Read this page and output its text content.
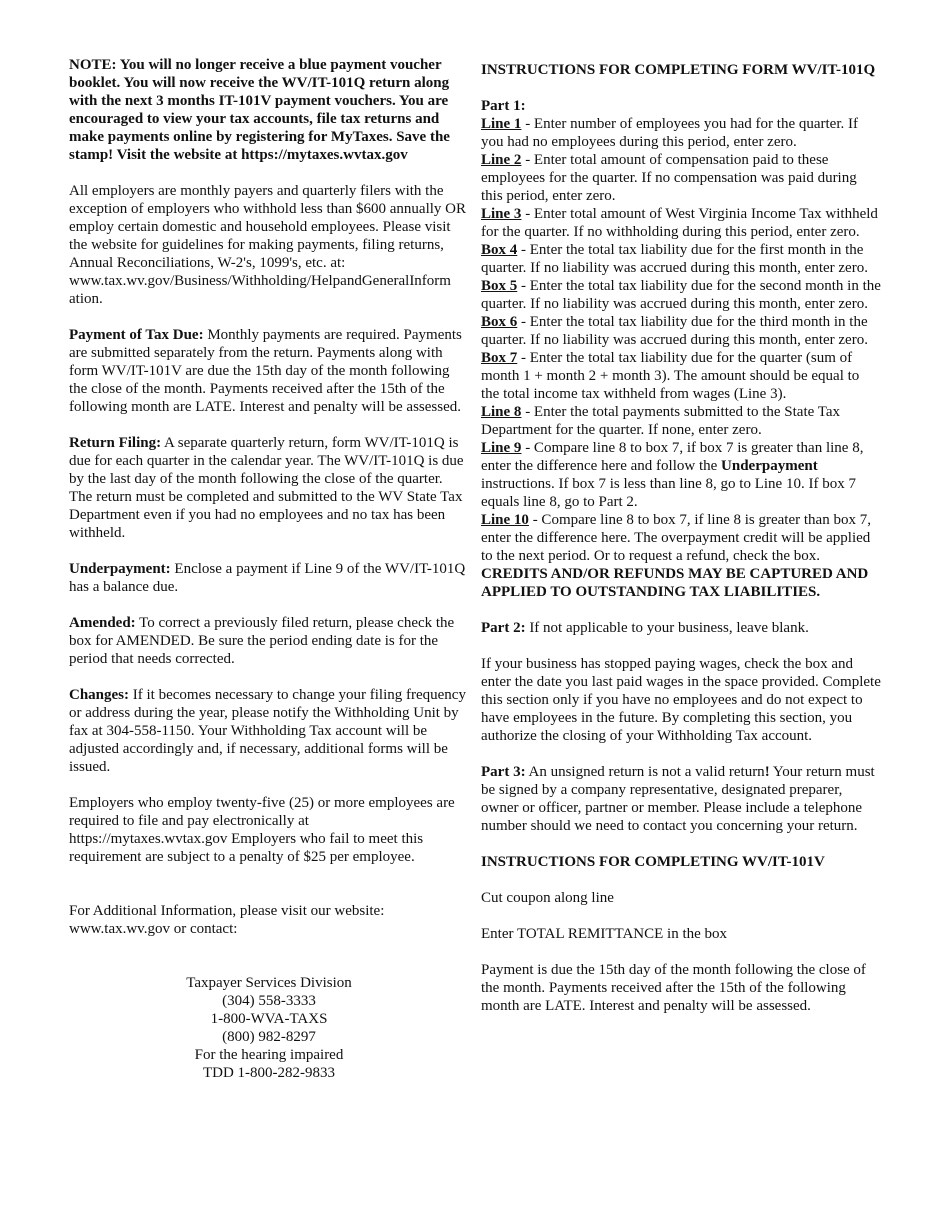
NOTE: You will no longer receive a blue payment voucher booklet. You will now receive the WV/IT-101Q return along with the next 3 months IT-101V payment vouchers. You are encouraged to view your tax accounts, file tax returns and make payments online by registering for MyTaxes. Save the stamp! Visit the website at https://mytaxes.wvtax.gov

All employers are monthly payers and quarterly filers with the exception of employers who withhold less than $600 annually OR employ certain domestic and household employees. Please visit the website for guidelines for making payments, filing returns, Annual Reconciliations, W-2's, 1099's, etc. at:

www.tax.wv.gov/Business/Withholding/HelpandGeneralInform

ation.

Payment of Tax Due: Monthly payments are required. Payments are submitted separately from the return. Payments along with form WV/IT-101V are due the 15th day of the month following the close of the month. Payments received after the 15th of the following month are LATE. Interest and penalty will be assessed.

Return Filing: A separate quarterly return, form WV/IT-101Q is due for each quarter in the calendar year. The WV/IT-101Q is due by the last day of the month following the close of the quarter. The return must be completed and submitted to the WV State Tax Department even if you had no employees and no tax has been withheld.

Underpayment: Enclose a payment if Line 9 of the WV/IT-101Q has a balance due.

Amended: To correct a previously filed return, please check the box for AMENDED. Be sure the period ending date is for the period that needs corrected.

Changes: If it becomes necessary to change your filing frequency or address during the year, please notify the Withholding Unit by fax at 304-558-1150. Your Withholding Tax account will be adjusted accordingly and, if necessary, additional forms will be issued.

Employers who employ twenty-five (25) or more employees are required to file and pay electronically at https://mytaxes.wvtax.gov Employers who fail to meet this requirement are subject to a penalty of $25 per employee.

For Additional Information, please visit our website: www.tax.wv.gov or contact:

Taxpayer Services Division

(304) 558-3333

1-800-WVA-TAXS

(800) 982-8297

For the hearing impaired

TDD 1-800-282-9833

INSTRUCTIONS FOR COMPLETING FORM WV/IT-101Q

Part 1:

Line 1 - Enter number of employees you had for the quarter. If you had no employees during this period, enter zero.

Line 2 - Enter total amount of compensation paid to these employees for the quarter. If no compensation was paid during this period, enter zero.

Line 3 - Enter total amount of West Virginia Income Tax withheld for the quarter. If no withholding during this period, enter zero.

Box 4 - Enter the total tax liability due for the first month in the quarter. If no liability was accrued during this month, enter zero.

Box 5 - Enter the total tax liability due for the second month in the quarter. If no liability was accrued during this month, enter zero.

Box 6 - Enter the total tax liability due for the third month in the quarter. If no liability was accrued during this month, enter zero.

Box 7 - Enter the total tax liability due for the quarter (sum of month 1 + month 2 + month 3). The amount should be equal to the total income tax withheld from wages (Line 3).

Line 8 - Enter the total payments submitted to the State Tax Department for the quarter. If none, enter zero.

Line 9 - Compare line 8 to box 7, if box 7 is greater than line 8, enter the difference here and follow the Underpayment instructions. If box 7 is less than line 8, go to Line 10. If box 7 equals line 8, go to Part 2.

Line 10 - Compare line 8 to box 7, if line 8 is greater than box 7, enter the difference here. The overpayment credit will be applied to the next period. Or to request a refund, check the box.

CREDITS AND/OR REFUNDS MAY BE CAPTURED AND APPLIED TO OUTSTANDING TAX LIABILITIES.

Part 2: If not applicable to your business, leave blank.

If your business has stopped paying wages, check the box and enter the date you last paid wages in the space provided. Complete this section only if you have no employees and do not expect to have employees in the future. By completing this section, you authorize the closing of your Withholding Tax account.

Part 3: An unsigned return is not a valid return! Your return must be signed by a company representative, designated preparer, owner or officer, partner or member. Please include a telephone number should we need to contact you concerning your return.

INSTRUCTIONS FOR COMPLETING WV/IT-101V

Cut coupon along line

Enter TOTAL REMITTANCE in the box

Payment is due the 15th day of the month following the close of the month. Payments received after the 15th of the following month are LATE. Interest and penalty will be assessed.
